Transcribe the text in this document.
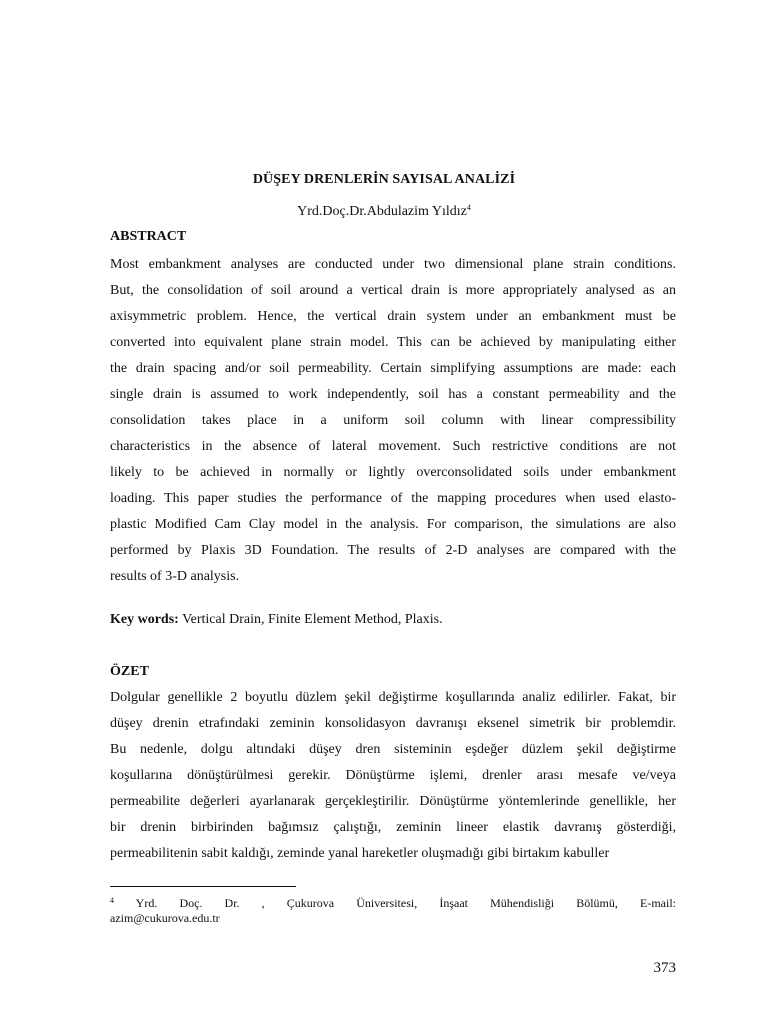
DÜŞEY DRENLERİN SAYISAL ANALİZİ
Yrd.Doç.Dr.Abdulazim Yıldız$^4$
ABSTRACT
Most embankment analyses are conducted under two dimensional plane strain conditions.
But, the consolidation of soil around a vertical drain is more appropriately analysed as an
axisymmetric problem. Hence, the vertical drain system under an embankment must be
converted into equivalent plane strain model. This can be achieved by manipulating either
the drain spacing and/or soil permeability. Certain simplifying assumptions are made: each
single drain is assumed to work independently, soil has a constant permeability and the
consolidation takes place in a uniform soil column with linear compressibility
characteristics in the absence of lateral movement. Such restrictive conditions are not
likely to be achieved in normally or lightly overconsolidated soils under embankment
loading. This paper studies the performance of the mapping procedures when used elasto-
plastic Modified Cam Clay model in the analysis. For comparison, the simulations are also
performed by Plaxis 3D Foundation. The results of 2-D analyses are compared with the
results of 3-D analysis.
Key words: Vertical Drain, Finite Element Method, Plaxis.
ÖZET
Dolgular genellikle 2 boyutlu düzlem şekil değiştirme koşullarında analiz edilirler. Fakat, bir
düşey drenin etrafındaki zeminin konsolidasyon davranışı eksenel simetrik bir problemdir.
Bu nedenle, dolgu altındaki düşey dren sisteminin eşdeğer düzlem şekil değiştirme
koşullarına dönüştürülmesi gerekir. Dönüştürme işlemi, drenler arası mesafe ve/veya
permeabilite değerleri ayarlanarak gerçekleştirilir. Dönüştürme yöntemlerinde genellikle, her
bir drenin birbirinden bağımsız çalıştığı, zeminin lineer elastik davranış gösterdiği,
permeabilitenin sabit kaldığı, zeminde yanal hareketler oluşmadığı gibi birtakım kabuller
$^4$ Yrd. Doç. Dr. , Çukurova Üniversitesi, İnşaat Mühendisliği Bölümü, E-mail:
azim@cukurova.edu.tr
373
